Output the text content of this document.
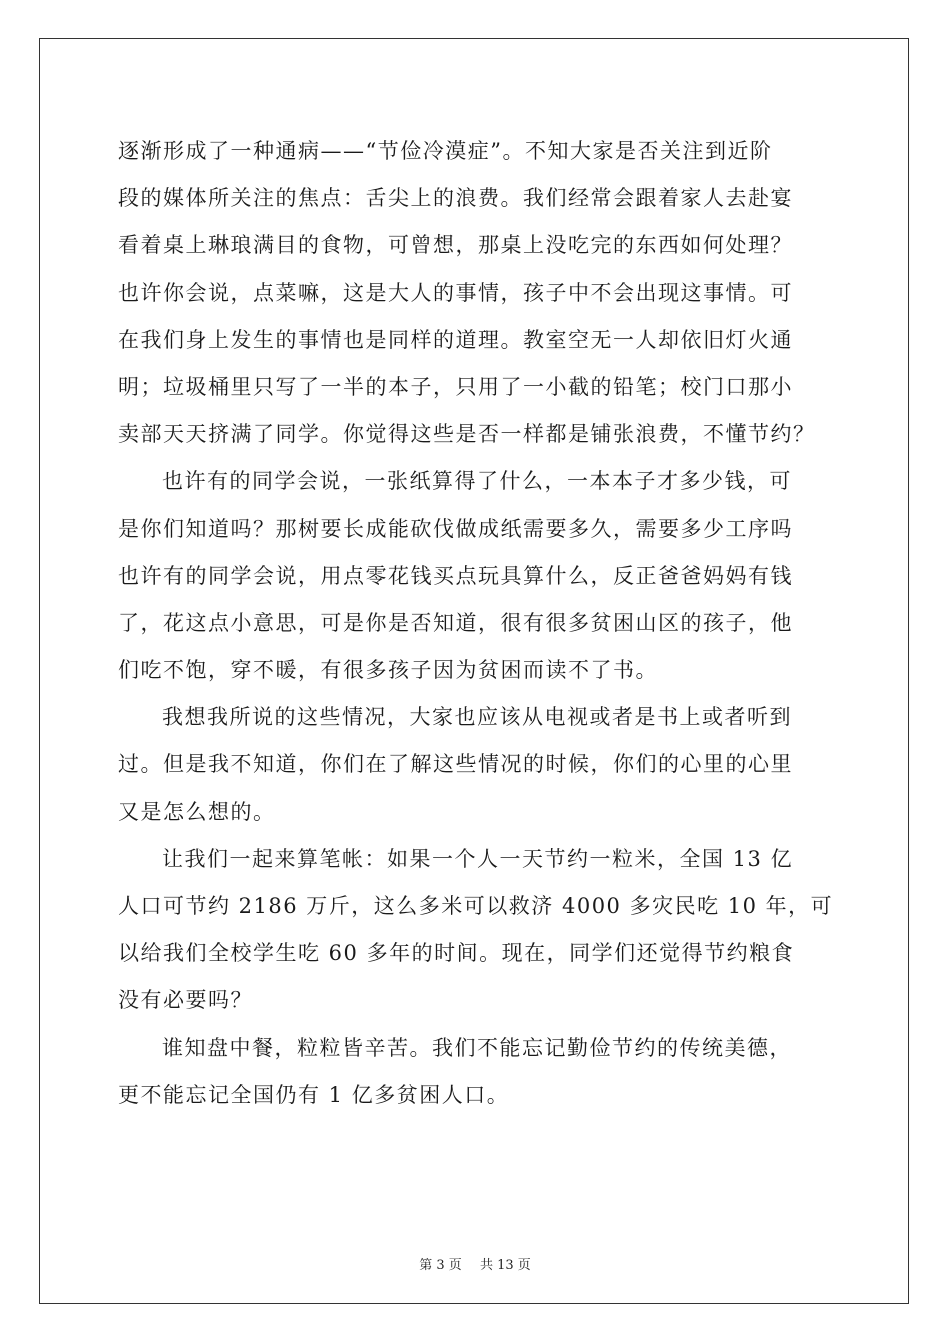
逐渐形成了一种通病——“节俭冷漠症”。不知大家是否关注到近阶
段的媒体所关注的焦点：舌尖上的浪费。我们经常会跟着家人去赴宴
看着桌上琳琅满目的食物，可曾想，那桌上没吃完的东西如何处理？
也许你会说，点菜嘛，这是大人的事情，孩子中不会出现这事情。可
在我们身上发生的事情也是同样的道理。教室空无一人却依旧灯火通
明；垃圾桶里只写了一半的本子，只用了一小截的铅笔；校门口那小
卖部天天挤满了同学。你觉得这些是否一样都是铺张浪费，不懂节约？
也许有的同学会说，一张纸算得了什么，一本本子才多少钱，可
是你们知道吗？那树要长成能砍伐做成纸需要多久，需要多少工序吗
也许有的同学会说，用点零花钱买点玩具算什么，反正爸爸妈妈有钱
了，花这点小意思，可是你是否知道，很有很多贫困山区的孩子，他
们吃不饱，穿不暖，有很多孩子因为贫困而读不了书。
我想我所说的这些情况，大家也应该从电视或者是书上或者听到
过。但是我不知道，你们在了解这些情况的时候，你们的心里的心里
又是怎么想的。
让我们一起来算笔帐：如果一个人一天节约一粒米，全国 13 亿
人口可节约 2186 万斤，这么多米可以救济 4000 多灾民吃 10 年，可
以给我们全校学生吃 60 多年的时间。现在，同学们还觉得节约粮食
没有必要吗？
谁知盘中餐，粒粒皆辛苦。我们不能忘记勤俭节约的传统美德，
更不能忘记全国仍有 1 亿多贫困人口。
第 3 页 共 13 页
